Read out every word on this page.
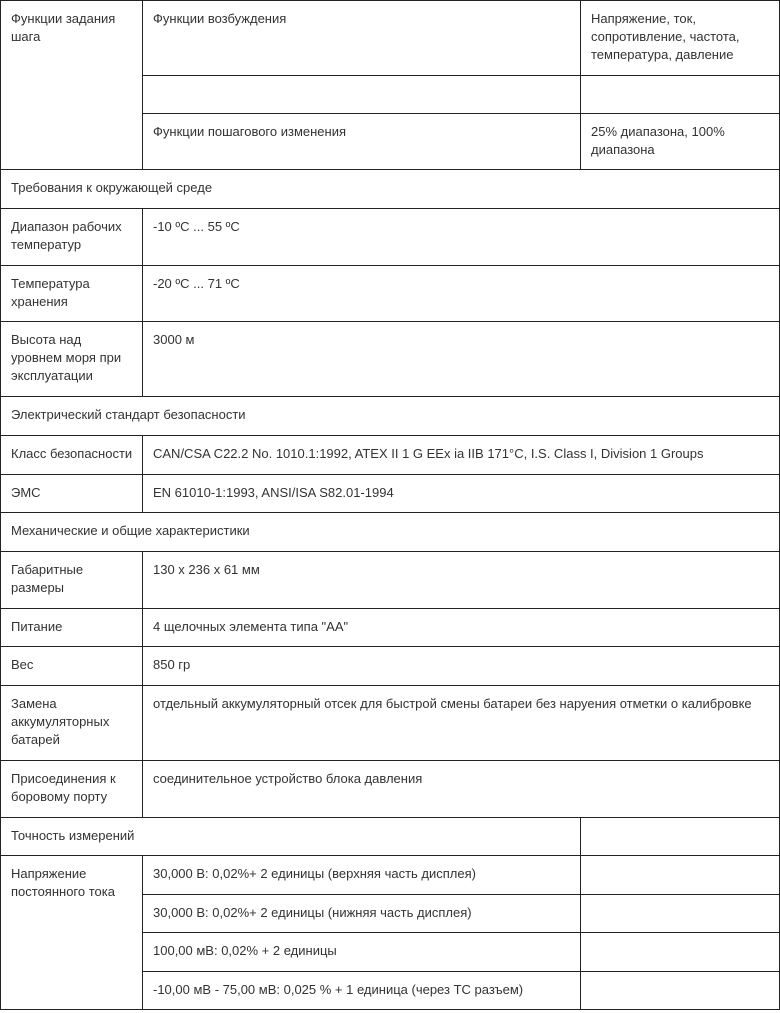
Функции задания шага	Функции возбуждения	Напряжение, ток, сопротивление, частота, температура, давление

	Функции пошагового изменения	25% диапазона, 100% диапазона
Требования к окружающей среде		
Диапазон рабочих температур	-10 ºC ... 55 ºC	
Температура хранения	-20 ºC ... 71 ºC	
Высота над уровнем моря при эксплуатации	3000 м	
Электрический стандарт безопасности		
Класс безопасности	CAN/CSA C22.2 No. 1010.1:1992, ATEX II 1 G EEx ia IIB 171°C, I.S. Class I, Division 1 Groups	
ЭМС	EN 61010-1:1993, ANSI/ISA S82.01-1994	
Механические и общие характеристики		
Габаритные размеры	130 x 236 x 61 мм	
Питание	4 щелочных элемента типа "АА"	
Вес	850 гр	
Замена аккумуляторных батарей	отдельный аккумуляторный отсек для быстрой смены батареи без наруения отметки о калибровке	
Присоединения к боровому порту	соединительное устройство блока давления	
Точность измерений		
Напряжение постоянного тока	30,000 В: 0,02%+ 2 единицы (верхняя часть дисплея)	
	30,000 В: 0,02%+ 2 единицы (нижняя часть дисплея)	
	100,00 мВ: 0,02% + 2 единицы	
	-10,00 мВ - 75,00 мВ: 0,025 % + 1 единица (через ТС разъем)	
